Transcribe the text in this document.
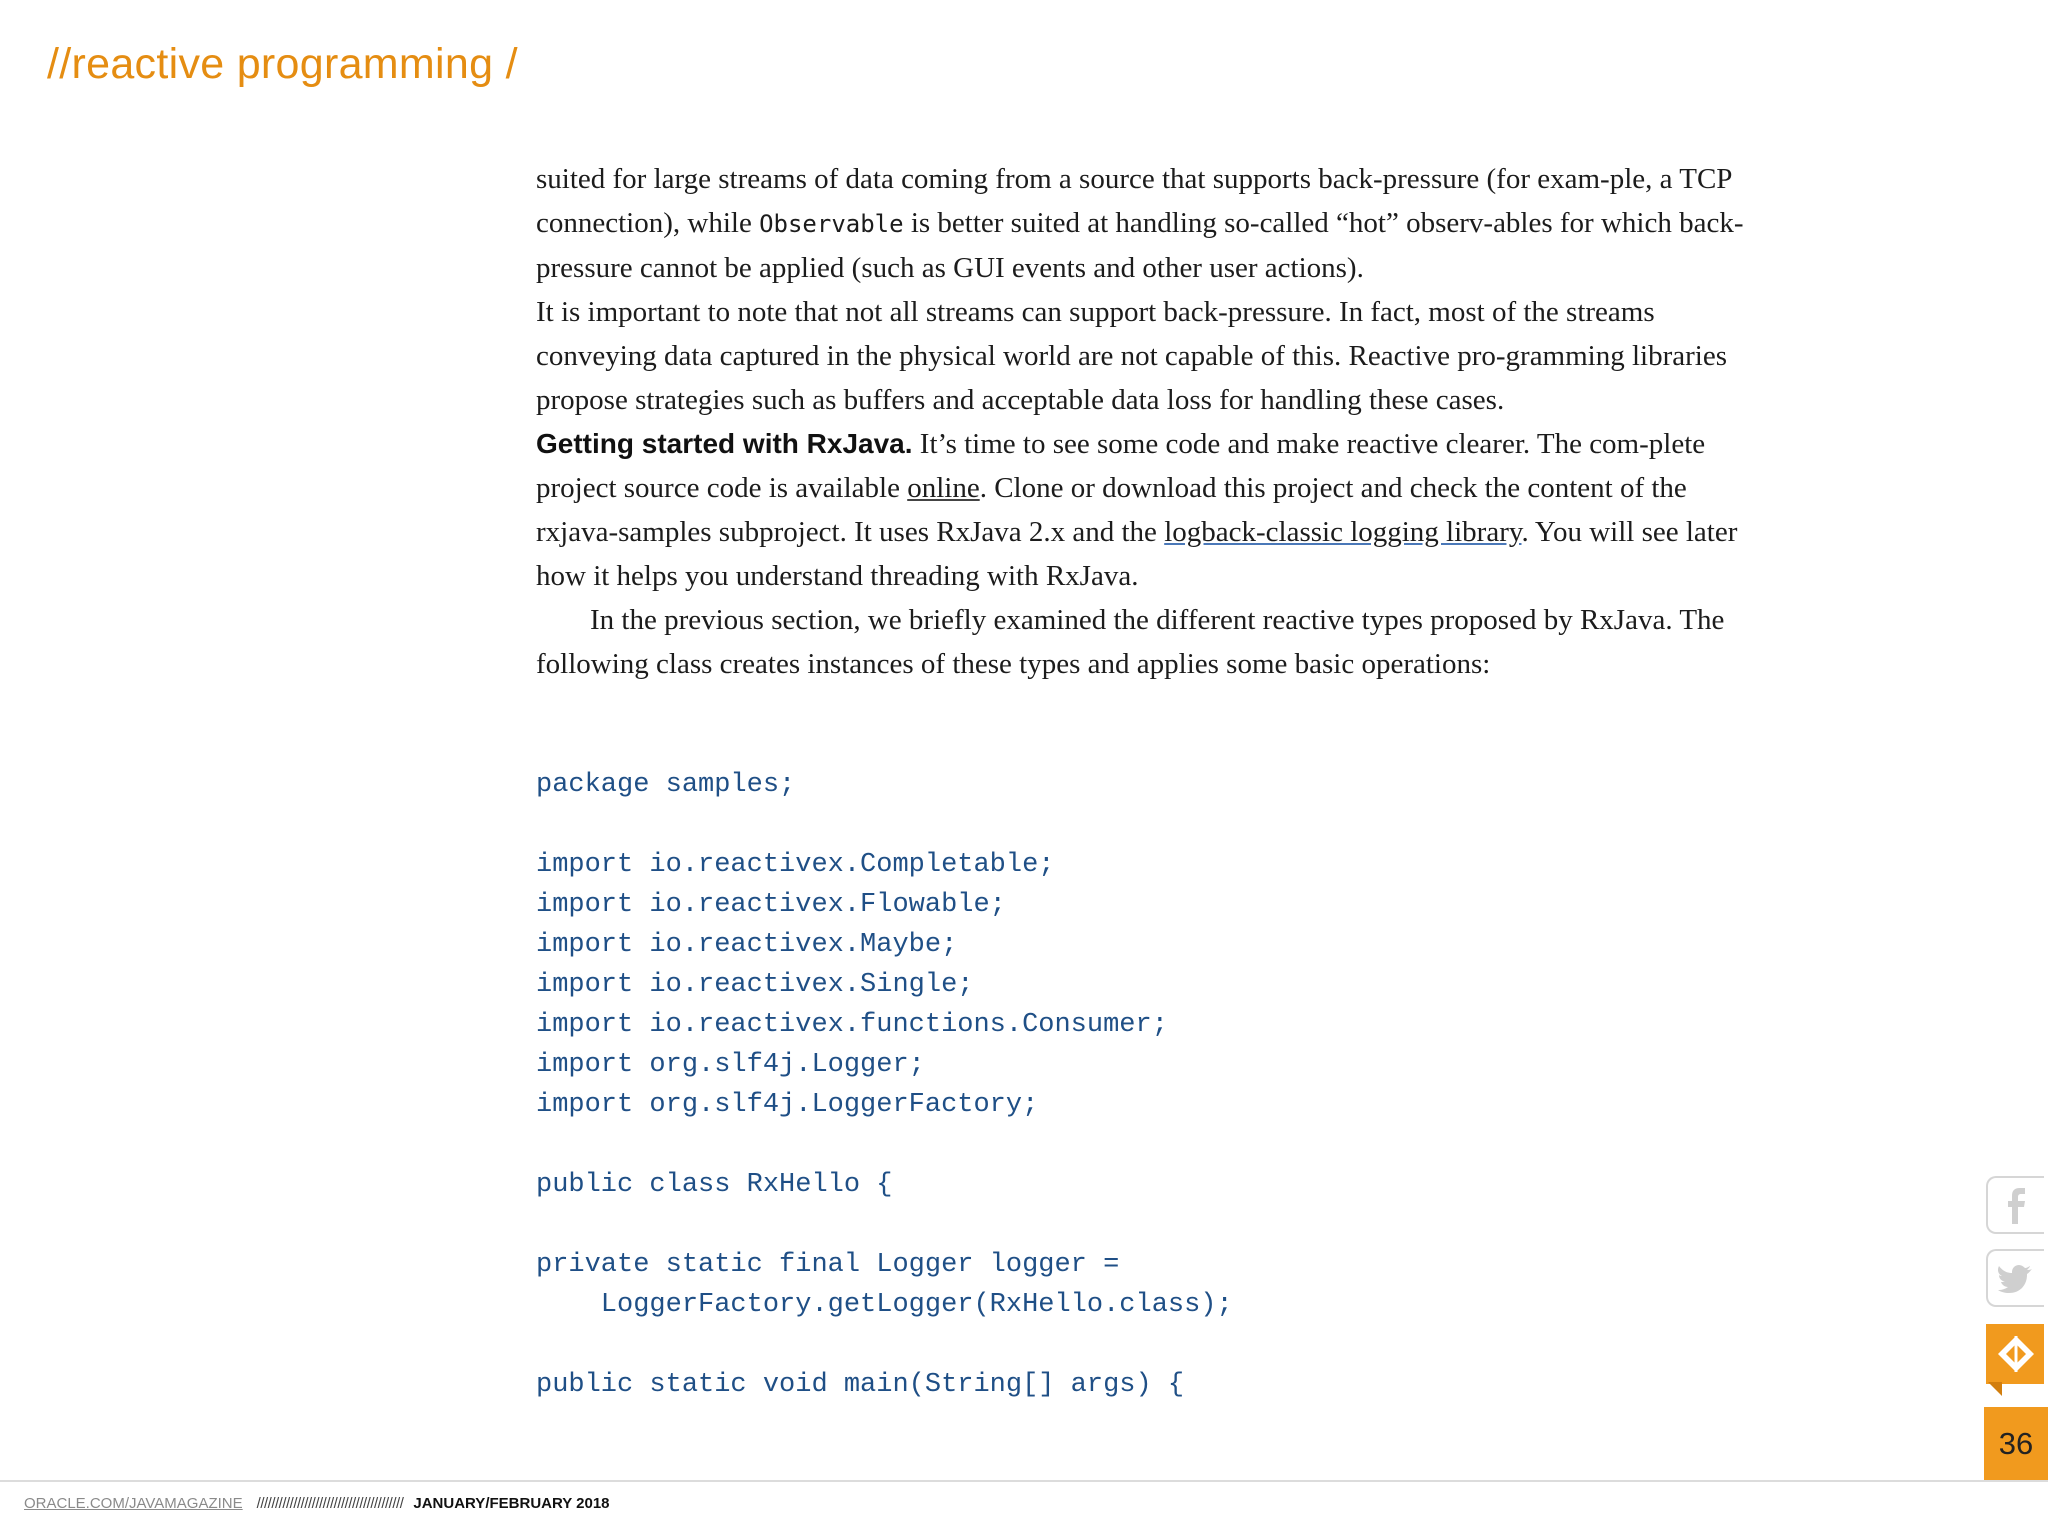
//reactive programming /

suited for large streams of data coming from a source that supports back-pressure (for exam-ple, a TCP connection), while Observable is better suited at handling so-called “hot” observ-ables for which back-pressure cannot be applied (such as GUI events and other user actions).

It is important to note that not all streams can support back-pressure. In fact, most of the streams conveying data captured in the physical world are not capable of this. Reactive pro-gramming libraries propose strategies such as buffers and acceptable data loss for handling these cases.

Getting started with RxJava. It’s time to see some code and make reactive clearer. The com-plete project source code is available online. Clone or download this project and check the content of the rxjava-samples subproject. It uses RxJava 2.x and the logback-classic logging library. You will see later how it helps you understand threading with RxJava.

In the previous section, we briefly examined the different reactive types proposed by RxJava. The following class creates instances of these types and applies some basic operations:

package samples;
import io.reactivex.Completable;
import io.reactivex.Flowable;
import io.reactivex.Maybe;
import io.reactivex.Single;
import io.reactivex.functions.Consumer;
import org.slf4j.Logger;
import org.slf4j.LoggerFactory;
public class RxHello {
private static final Logger logger =
LoggerFactory.getLogger(RxHello.class);
public static void main(String[] args) {
36
ORACLE.COM/JAVAMAGAZINE //////////////////////////////////////// JANUARY/FEBRUARY 2018
